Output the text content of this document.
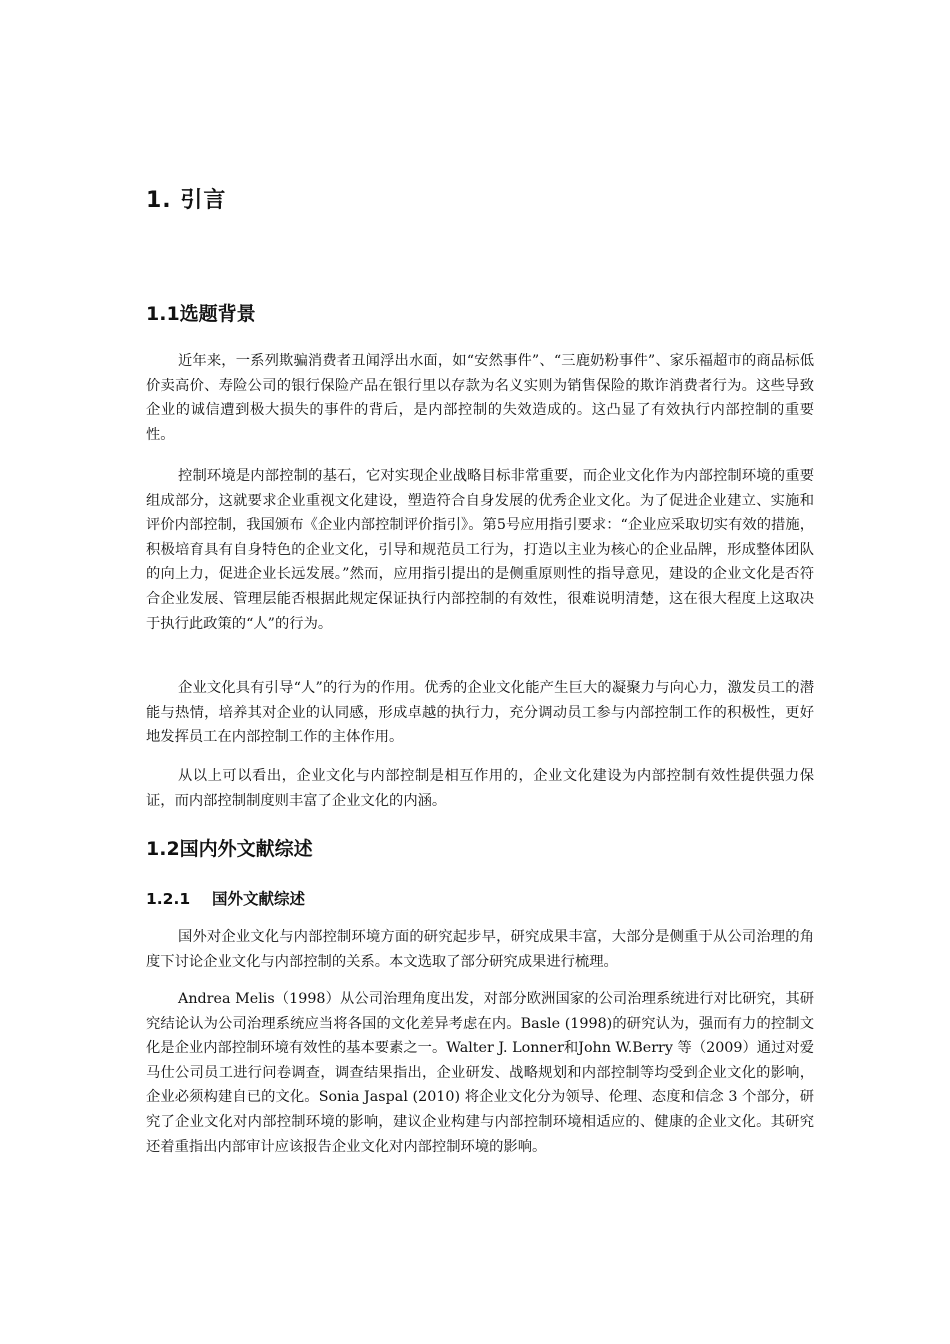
1. 引言
1.1选题背景

近年来，一系列欺骗消费者丑闻浮出水面，如“安然事件”、“三鹿奶粉事件”、家乐福超市的商品标低价卖高价、寿险公司的银行保险产品在银行里以存款为名义实则为销售保险的欺诈消费者行为。这些导致企业的诚信遭到极大损失的事件的背后，是内部控制的失效造成的。这凸显了有效执行内部控制的重要性。

控制环境是内部控制的基石，它对实现企业战略目标非常重要，而企业文化作为内部控制环境的重要组成部分，这就要求企业重视文化建设，塑造符合自身发展的优秀企业文化。为了促进企业建立、实施和评价内部控制，我国颁布《企业内部控制评价指引》。第5号应用指引要求：“企业应采取切实有效的措施，积极培育具有自身特色的企业文化，引导和规范员工行为，打造以主业为核心的企业品牌，形成整体团队的向上力，促进企业长远发展。”然而，应用指引提出的是侧重原则性的指导意见，建设的企业文化是否符合企业发展、管理层能否根据此规定保证执行内部控制的有效性，很难说明清楚，这在很大程度上这取决于执行此政策的“人”的行为。

企业文化具有引导“人”的行为的作用。优秀的企业文化能产生巨大的凝聚力与向心力，激发员工的潜能与热情，培养其对企业的认同感，形成卓越的执行力，充分调动员工参与内部控制工作的积极性，更好地发挥员工在内部控制工作的主体作用。

从以上可以看出，企业文化与内部控制是相互作用的，企业文化建设为内部控制有效性提供强力保证，而内部控制制度则丰富了企业文化的内涵。

1.2国内外文献综述
1.2.1 国外文献综述

国外对企业文化与内部控制环境方面的研究起步早，研究成果丰富，大部分是侧重于从公司治理的角度下讨论企业文化与内部控制的关系。本文选取了部分研究成果进行梳理。

Andrea Melis（1998）从公司治理角度出发，对部分欧洲国家的公司治理系统进行对比研究，其研究结论认为公司治理系统应当将各国的文化差异考虑在内。Basle (1998)的研究认为，强而有力的控制文化是企业内部控制环境有效性的基本要素之一。Walter J. Lonner和John W.Berry 等（2009）通过对爱马仕公司员工进行问卷调查，调查结果指出，企业研发、战略规划和内部控制等均受到企业文化的影响， 企业必须构建自已的文化。Sonia Jaspal (2010) 将企业文化分为领导、伦理、态度和信念 3 个部分，研究了企业文化对内部控制环境的影响，建议企业构建与内部控制环境相适应的、健康的企业文化。其研究还着重指出内部审计应该报告企业文化对内部控制环境的影响。
